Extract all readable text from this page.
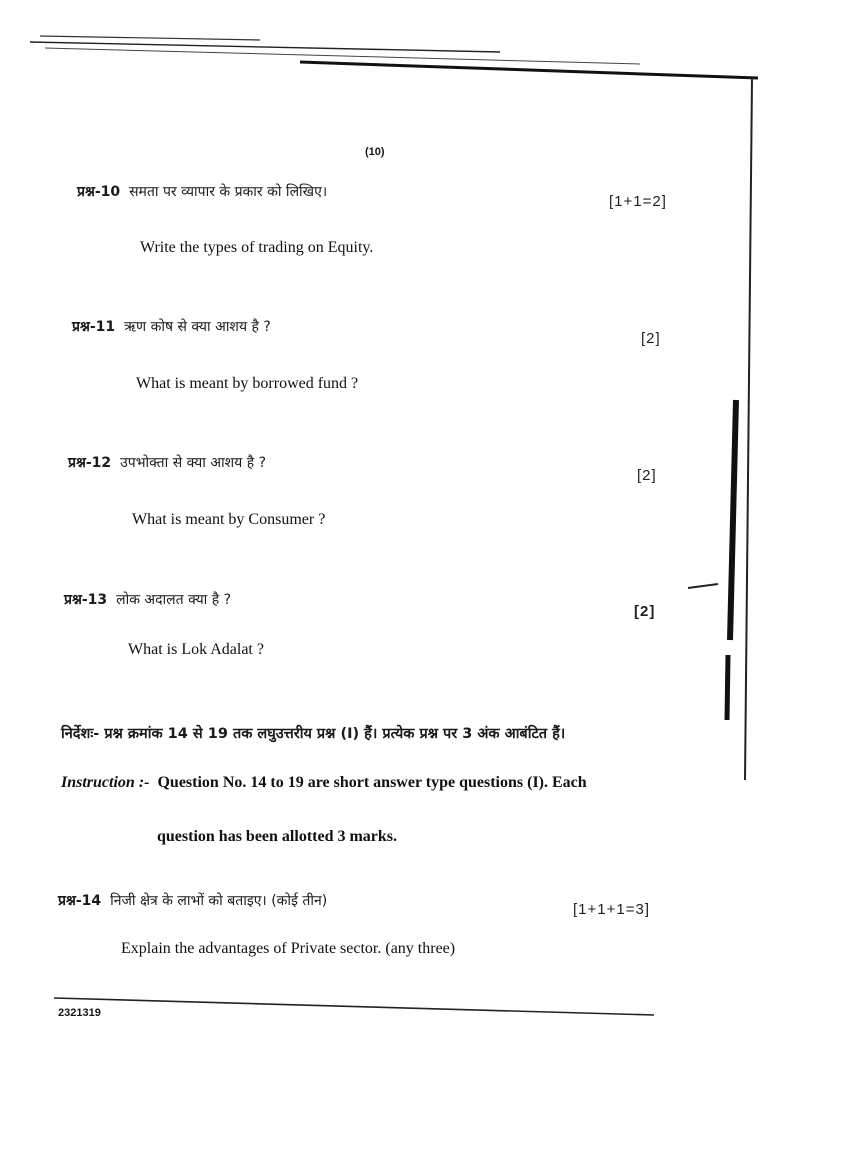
(10)
प्रश्न-10 समता पर व्यापार के प्रकार को लिखिए।
[1+1=2]
Write the types of trading on Equity.
प्रश्न-11 ऋण कोष से क्या आशय है ?
[2]
What is meant by borrowed fund ?
प्रश्न-12 उपभोक्ता से क्या आशय है ?
[2]
What is meant by Consumer ?
प्रश्न-13 लोक अदालत क्या है ?
[2]
What is Lok Adalat ?
निर्देशः- प्रश्न क्रमांक 14 से 19 तक लघुउत्तरीय प्रश्न (I) हैं। प्रत्येक प्रश्न पर 3 अंक आबंटित हैं।
Instruction :- Question No. 14 to 19 are short answer type questions (I). Each
question has been allotted 3 marks.
प्रश्न-14 निजी क्षेत्र के लाभों को बताइए। (कोई तीन)	[1+1+1=3]
Explain the advantages of Private sector. (any three)
2321319
